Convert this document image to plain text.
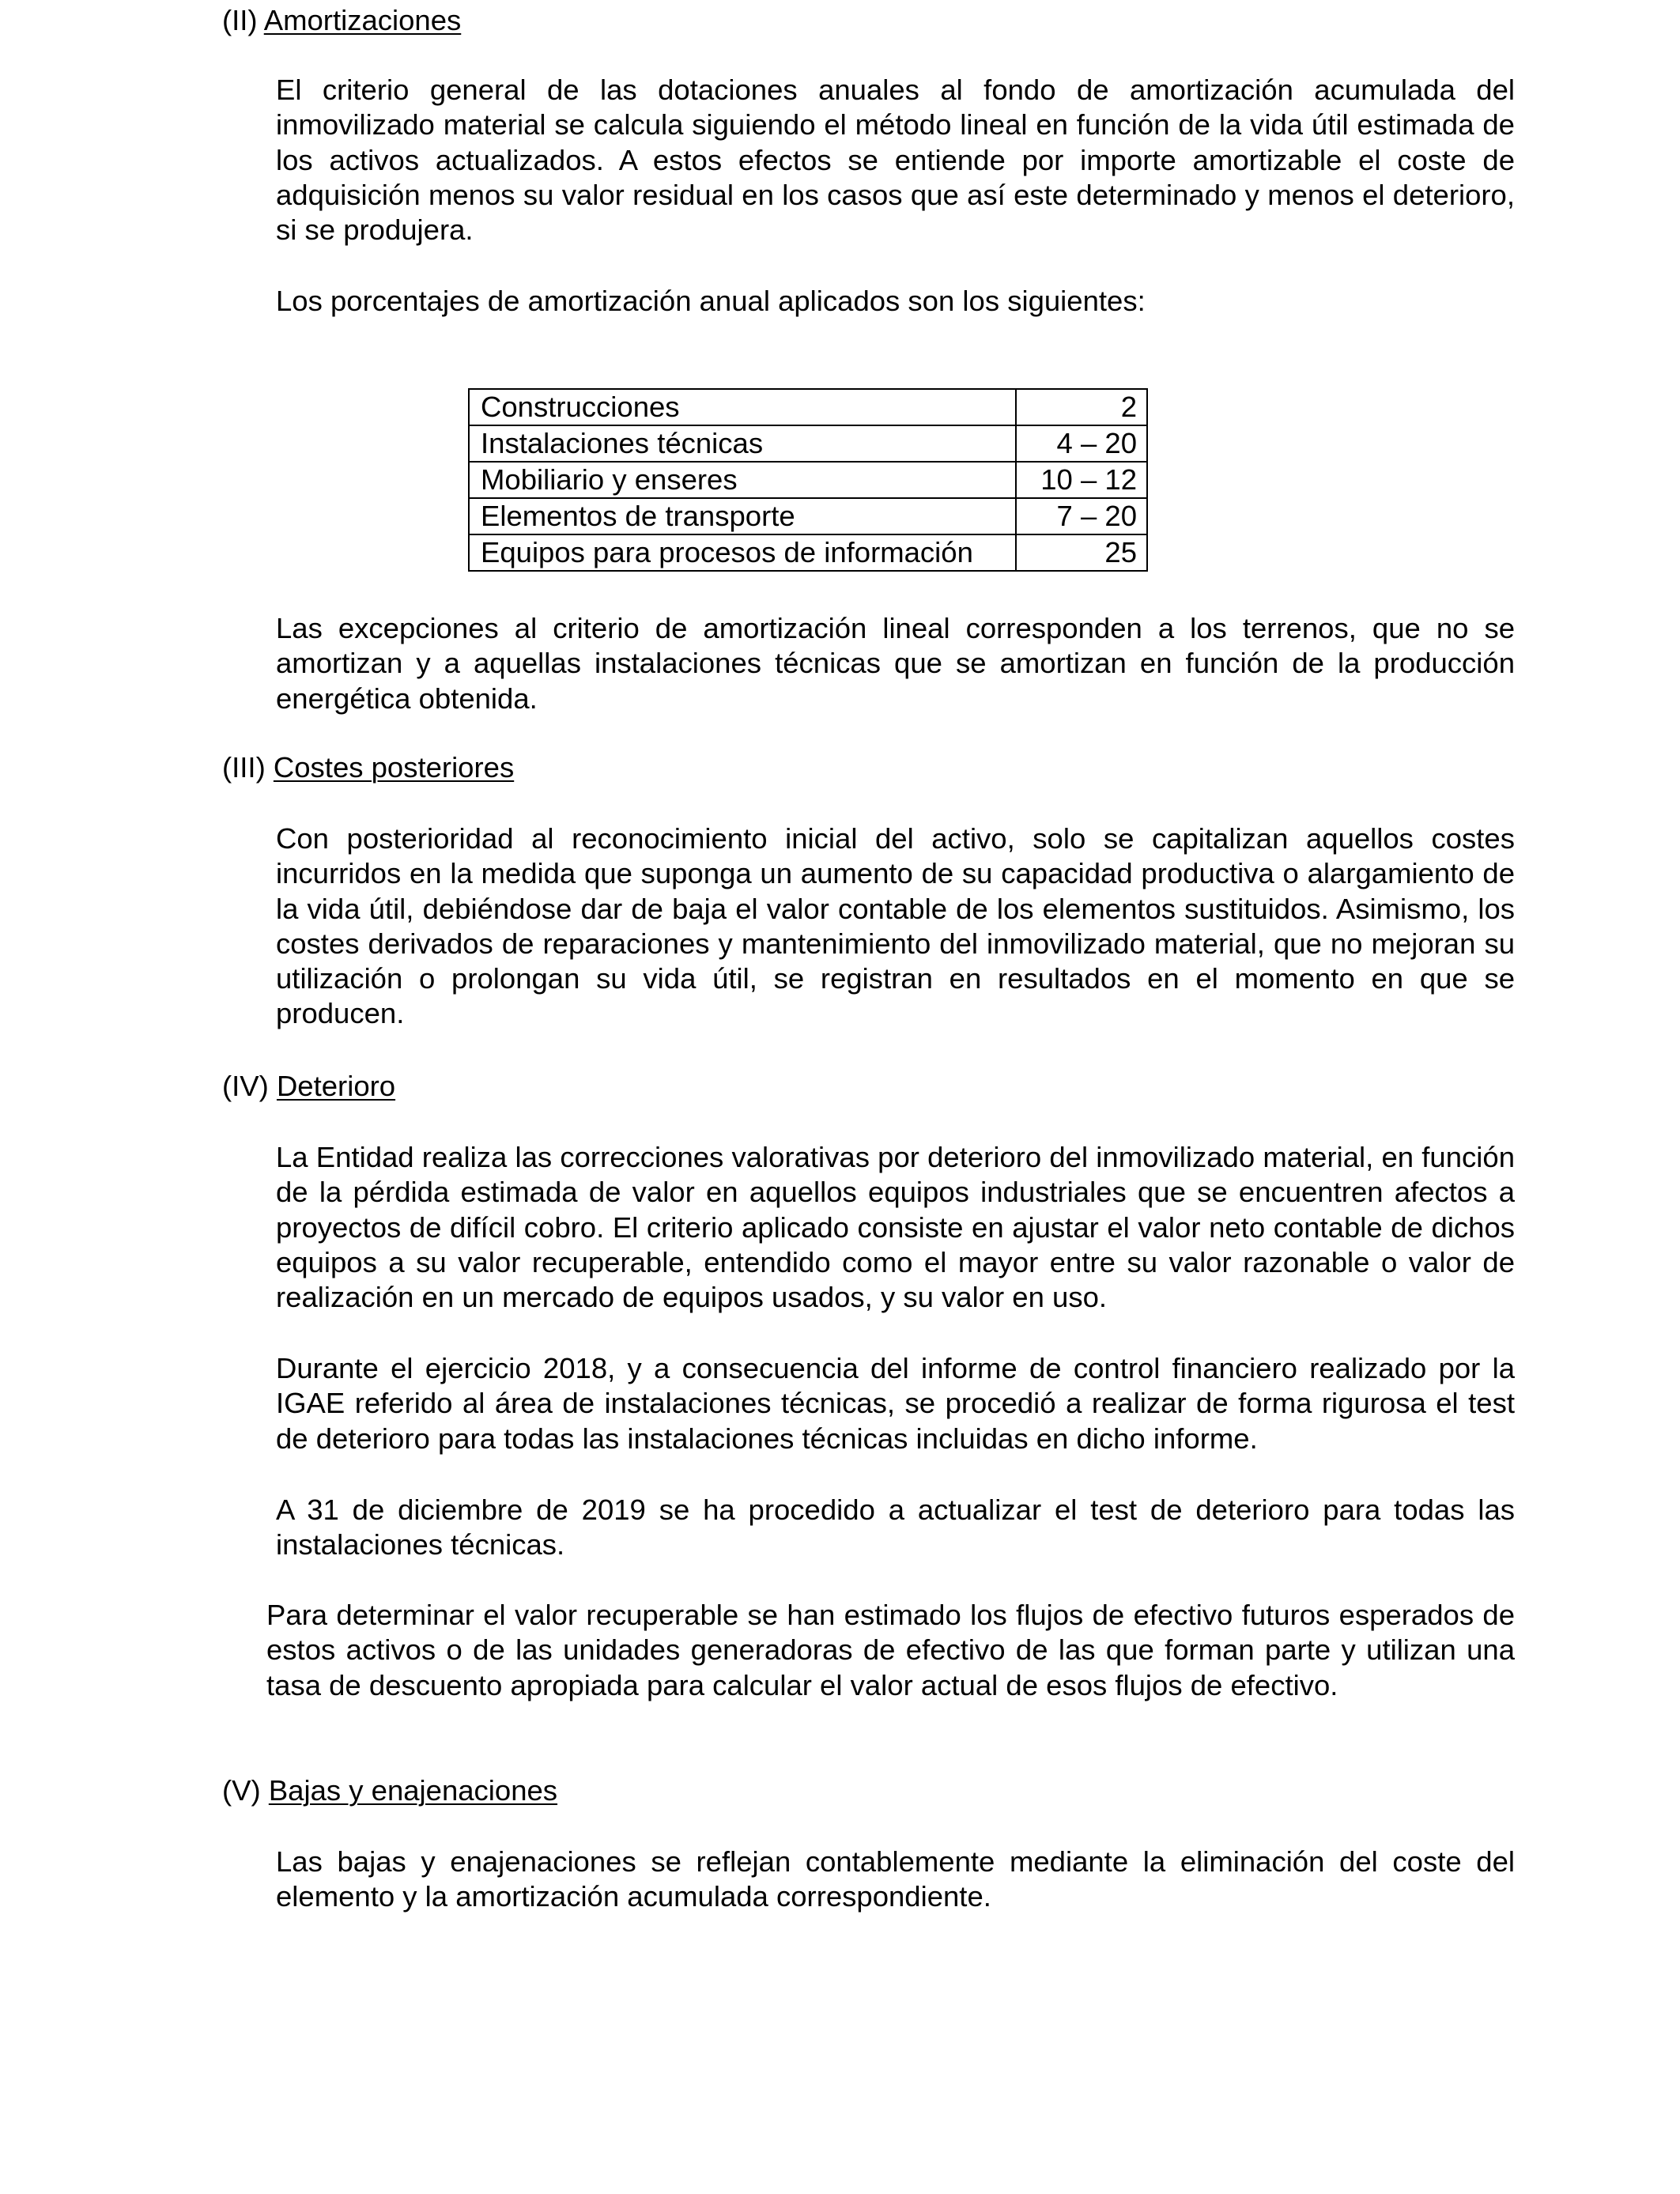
(II) Amortizaciones

El criterio general de las dotaciones anuales al fondo de amortización acumulada del inmovilizado material se calcula siguiendo el método lineal en función de la vida útil estimada de los activos actualizados. A estos efectos se entiende por importe amortizable el coste de adquisición menos su valor residual en los casos que así este determinado y menos el deterioro, si se produjera.

Los porcentajes de amortización anual aplicados son los siguientes:

Construcciones	2
Instalaciones técnicas	4 – 20
Mobiliario y enseres	10 – 12
Elementos de transporte	7 – 20
Equipos para procesos de información	25

Las excepciones al criterio de amortización lineal corresponden a los terrenos, que no se amortizan y a aquellas instalaciones técnicas que se amortizan en función de la producción energética obtenida.

(III) Costes posteriores

Con posterioridad al reconocimiento inicial del activo, solo se capitalizan aquellos costes incurridos en la medida que suponga un aumento de su capacidad productiva o alargamiento de la vida útil, debiéndose dar de baja el valor contable de los elementos sustituidos. Asimismo, los costes derivados de reparaciones y mantenimiento del inmovilizado material, que no mejoran su utilización o prolongan su vida útil, se registran en resultados en el momento en que se producen.

(IV) Deterioro

La Entidad realiza las correcciones valorativas por deterioro del inmovilizado material, en función de la pérdida estimada de valor en aquellos equipos industriales que se encuentren afectos a proyectos de difícil cobro. El criterio aplicado consiste en ajustar el valor neto contable de dichos equipos a su valor recuperable, entendido como el mayor entre su valor razonable o valor de realización en un mercado de equipos usados, y su valor en uso.

Durante el ejercicio 2018, y a consecuencia del informe de control financiero realizado por la IGAE referido al área de instalaciones técnicas, se procedió a realizar de forma rigurosa el test de deterioro para todas las instalaciones técnicas incluidas en dicho informe.

A 31 de diciembre de 2019 se ha procedido a actualizar el test de deterioro para todas las instalaciones técnicas.

Para determinar el valor recuperable se han estimado los flujos de efectivo futuros esperados de estos activos o de las unidades generadoras de efectivo de las que forman parte y utilizan una tasa de descuento apropiada para calcular el valor actual de esos flujos de efectivo.

(V) Bajas y enajenaciones

Las bajas y enajenaciones se reflejan contablemente mediante la eliminación del coste del elemento y la amortización acumulada correspondiente.
